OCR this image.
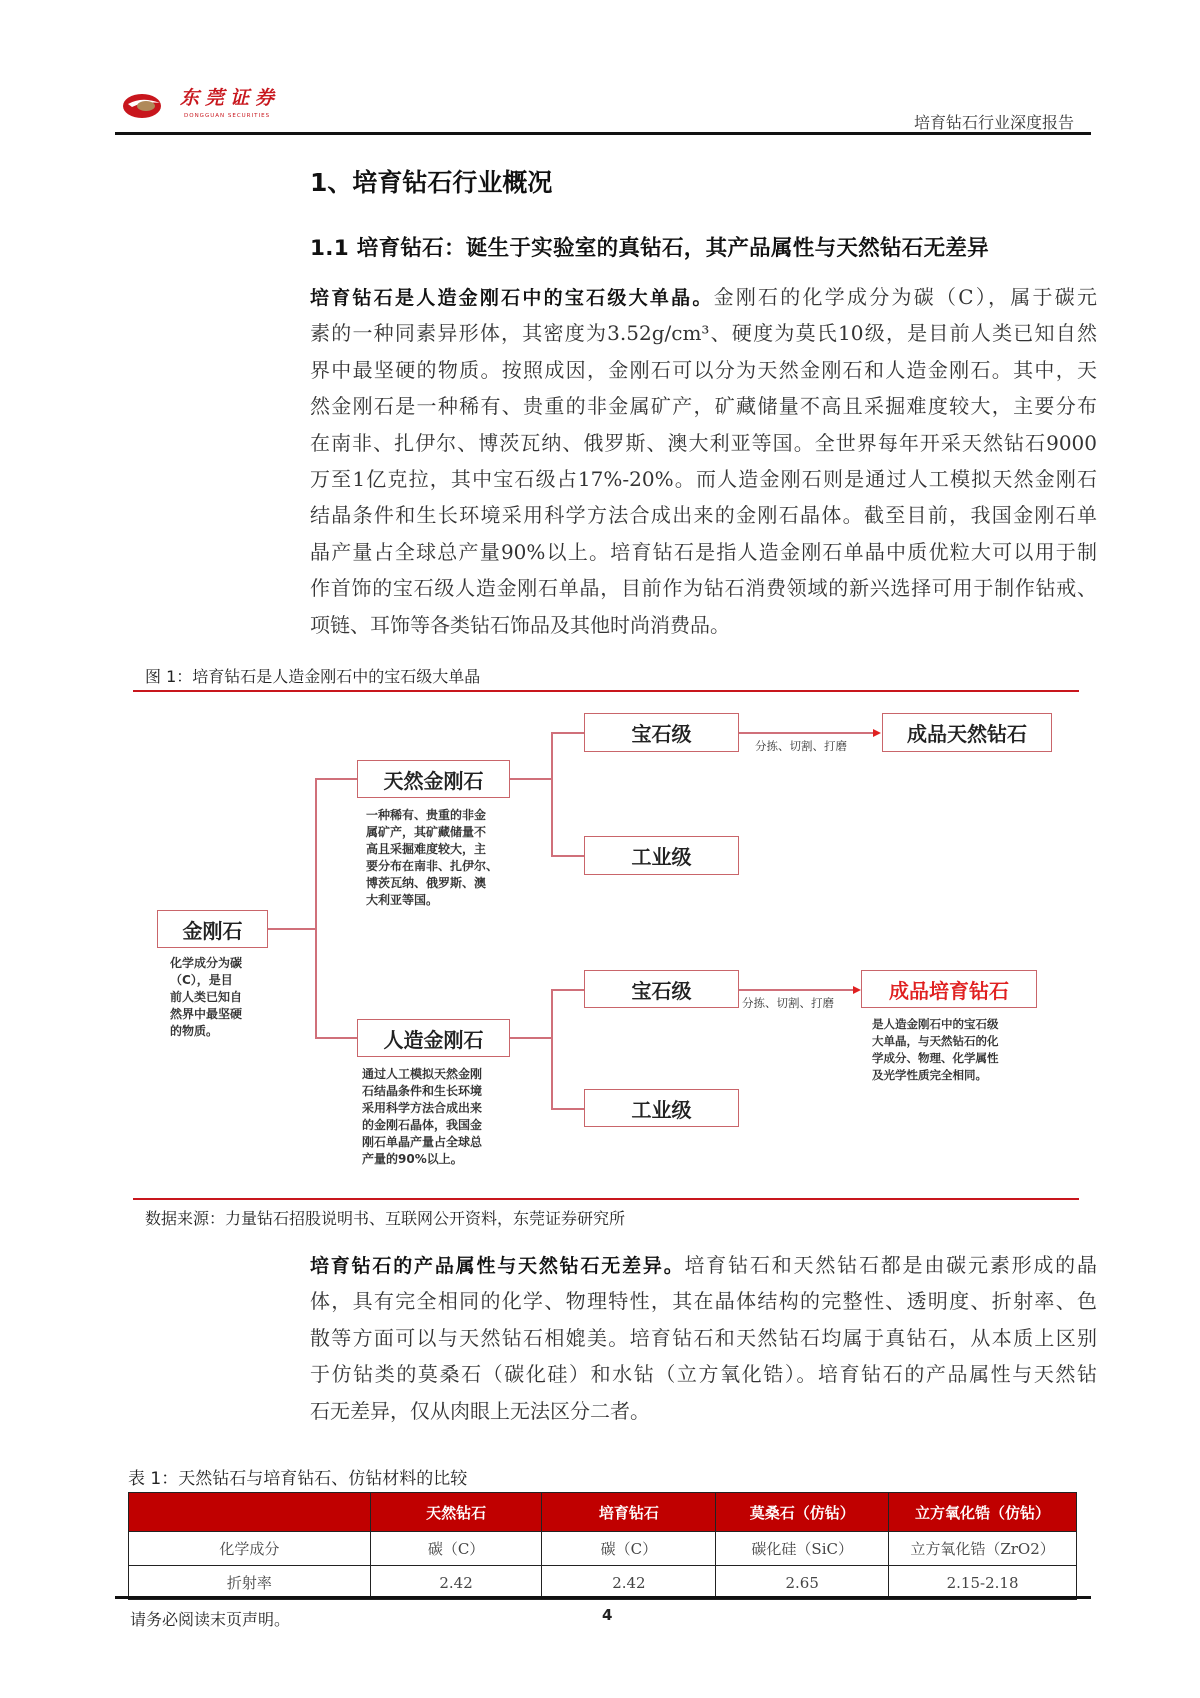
东莞证券
DONGGUAN SECURITIES	培育钻石行业深度报告
1、培育钻石行业概况
1.1 培育钻石：诞生于实验室的真钻石，其产品属性与天然钻石无差异
培育钻石是人造金刚石中的宝石级大单晶。金刚石的化学成分为碳（C），属于碳元
素的一种同素异形体，其密度为3.52g/cm³、硬度为莫氏10级，是目前人类已知自然
界中最坚硬的物质。按照成因，金刚石可以分为天然金刚石和人造金刚石。其中，天
然金刚石是一种稀有、贵重的非金属矿产，矿藏储量不高且采掘难度较大，主要分布
在南非、扎伊尔、博茨瓦纳、俄罗斯、澳大利亚等国。全世界每年开采天然钻石9000
万至1亿克拉，其中宝石级占17%-20%。而人造金刚石则是通过人工模拟天然金刚石
结晶条件和生长环境采用科学方法合成出来的金刚石晶体。截至目前，我国金刚石单
晶产量占全球总产量90%以上。培育钻石是指人造金刚石单晶中质优粒大可以用于制
作首饰的宝石级人造金刚石单晶，目前作为钻石消费领域的新兴选择可用于制作钻戒、
项链、耳饰等各类钻石饰品及其他时尚消费品。
图 1：培育钻石是人造金刚石中的宝石级大单晶
金刚石
化学成分为碳
（C），是目
前人类已知自
然界中最坚硬
的物质。
天然金刚石
一种稀有、贵重的非金
属矿产，其矿藏储量不
高且采掘难度较大，主
要分布在南非、扎伊尔、
博茨瓦纳、俄罗斯、澳
大利亚等国。
人造金刚石
通过人工模拟天然金刚
石结晶条件和生长环境
采用科学方法合成出来
的金刚石晶体，我国金
刚石单晶产量占全球总
产量的90%以上。
宝石级
工业级
宝石级
工业级
分拣、切割、打磨
分拣、切割、打磨
成品天然钻石
成品培育钻石
是人造金刚石中的宝石级
大单晶，与天然钻石的化
学成分、物理、化学属性
及光学性质完全相同。
数据来源：力量钻石招股说明书、互联网公开资料，东莞证券研究所
培育钻石的产品属性与天然钻石无差异。培育钻石和天然钻石都是由碳元素形成的晶
体，具有完全相同的化学、物理特性，其在晶体结构的完整性、透明度、折射率、色
散等方面可以与天然钻石相媲美。培育钻石和天然钻石均属于真钻石，从本质上区别
于仿钻类的莫桑石（碳化硅）和水钻（立方氧化锆）。培育钻石的产品属性与天然钻
石无差异，仅从肉眼上无法区分二者。
表 1：天然钻石与培育钻石、仿钻材料的比较
	天然钻石	培育钻石	莫桑石（仿钻）	立方氧化锆（仿钻）
化学成分	碳（C）	碳（C）	碳化硅（SiC）	立方氧化锆（ZrO2）
折射率	2.42	2.42	2.65	2.15-2.18
请务必阅读末页声明。	4
